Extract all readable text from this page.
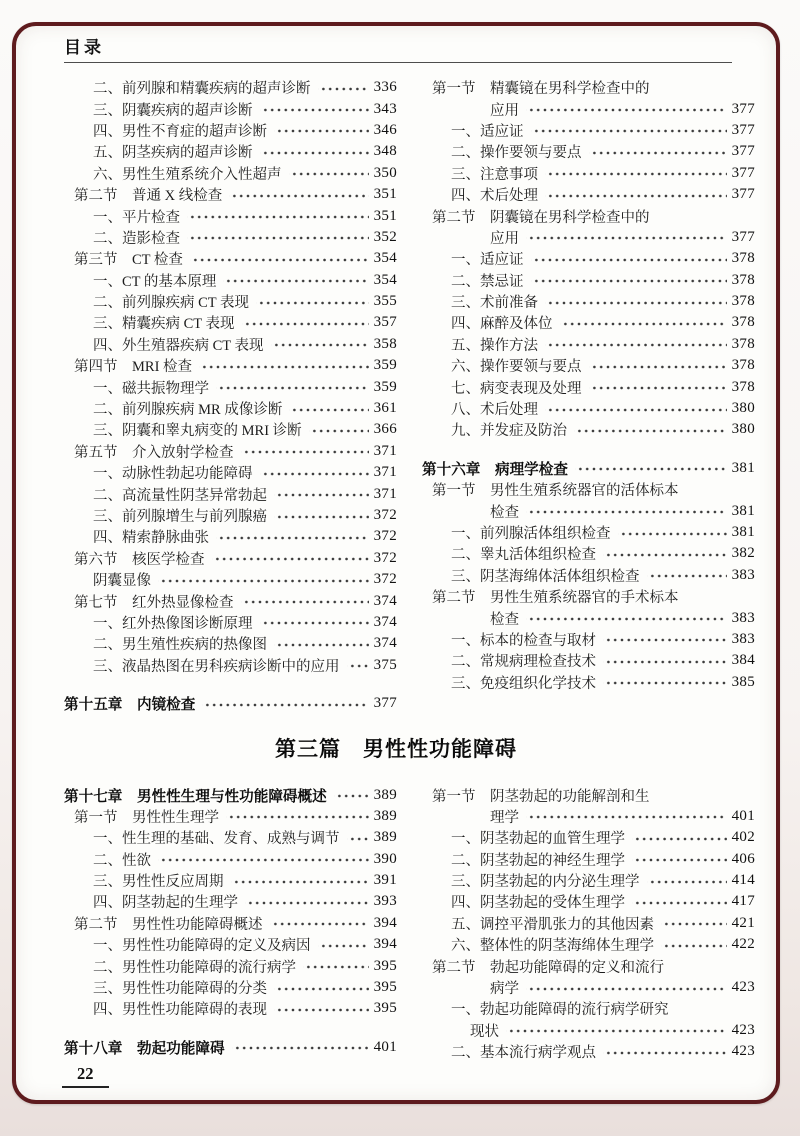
目录
二、前列腺和精囊疾病的超声诊断	336
三、阴囊疾病的超声诊断	343
四、男性不育症的超声诊断	346
五、阴茎疾病的超声诊断	348
六、男性生殖系统介入性超声	350
第二节　普通 X 线检查	351
一、平片检查	351
二、造影检查	352
第三节　CT 检查	354
一、CT 的基本原理	354
二、前列腺疾病 CT 表现	355
三、精囊疾病 CT 表现	357
四、外生殖器疾病 CT 表现	358
第四节　MRI 检查	359
一、磁共振物理学	359
二、前列腺疾病 MR 成像诊断	361
三、阴囊和睾丸病变的 MRI 诊断	366
第五节　介入放射学检查	371
一、动脉性勃起功能障碍	371
二、高流量性阴茎异常勃起	371
三、前列腺增生与前列腺癌	372
四、精索静脉曲张	372
第六节　核医学检查	372
阴囊显像	372
第七节　红外热显像检查	374
一、红外热像图诊断原理	374
二、男生殖性疾病的热像图	374
三、液晶热图在男科疾病诊断中的应用 375
第十五章　内镜检查	377
第一节　精囊镜在男科学检查中的
应用	377
一、适应证	377
二、操作要领与要点	377
三、注意事项	377
四、术后处理	377
第二节　阴囊镜在男科学检查中的
应用	377
一、适应证	378
二、禁忌证	378
三、术前准备	378
四、麻醉及体位	378
五、操作方法	378
六、操作要领与要点	378
七、病变表现及处理	378
八、术后处理	380
九、并发症及防治	380
第十六章　病理学检查	381
第一节　男性生殖系统器官的活体标本
检查	381
一、前列腺活体组织检查	381
二、睾丸活体组织检查	382
三、阴茎海绵体活体组织检查	383
第二节　男性生殖系统器官的手术标本
检查	383
一、标本的检查与取材	383
二、常规病理检查技术	384
三、免疫组织化学技术	385
第三篇 男性性功能障碍
第十七章　男性性生理与性功能障碍概述	389
第一节　男性性生理学	389
一、性生理的基础、发育、成熟与调节 389
二、性欲	390
三、男性性反应周期	391
四、阴茎勃起的生理学	393
第二节　男性性功能障碍概述	394
一、男性性功能障碍的定义及病因	394
二、男性性功能障碍的流行病学	395
三、男性性功能障碍的分类	395
四、男性性功能障碍的表现	395
第十八章　勃起功能障碍	401
第一节　阴茎勃起的功能解剖和生
理学	401
一、阴茎勃起的血管生理学	402
二、阴茎勃起的神经生理学	406
三、阴茎勃起的内分泌生理学	414
四、阴茎勃起的受体生理学	417
五、调控平滑肌张力的其他因素	421
六、整体性的阴茎海绵体生理学	422
第二节　勃起功能障碍的定义和流行
病学	423
一、勃起功能障碍的流行病学研究
现状	423
二、基本流行病学观点	423
22
